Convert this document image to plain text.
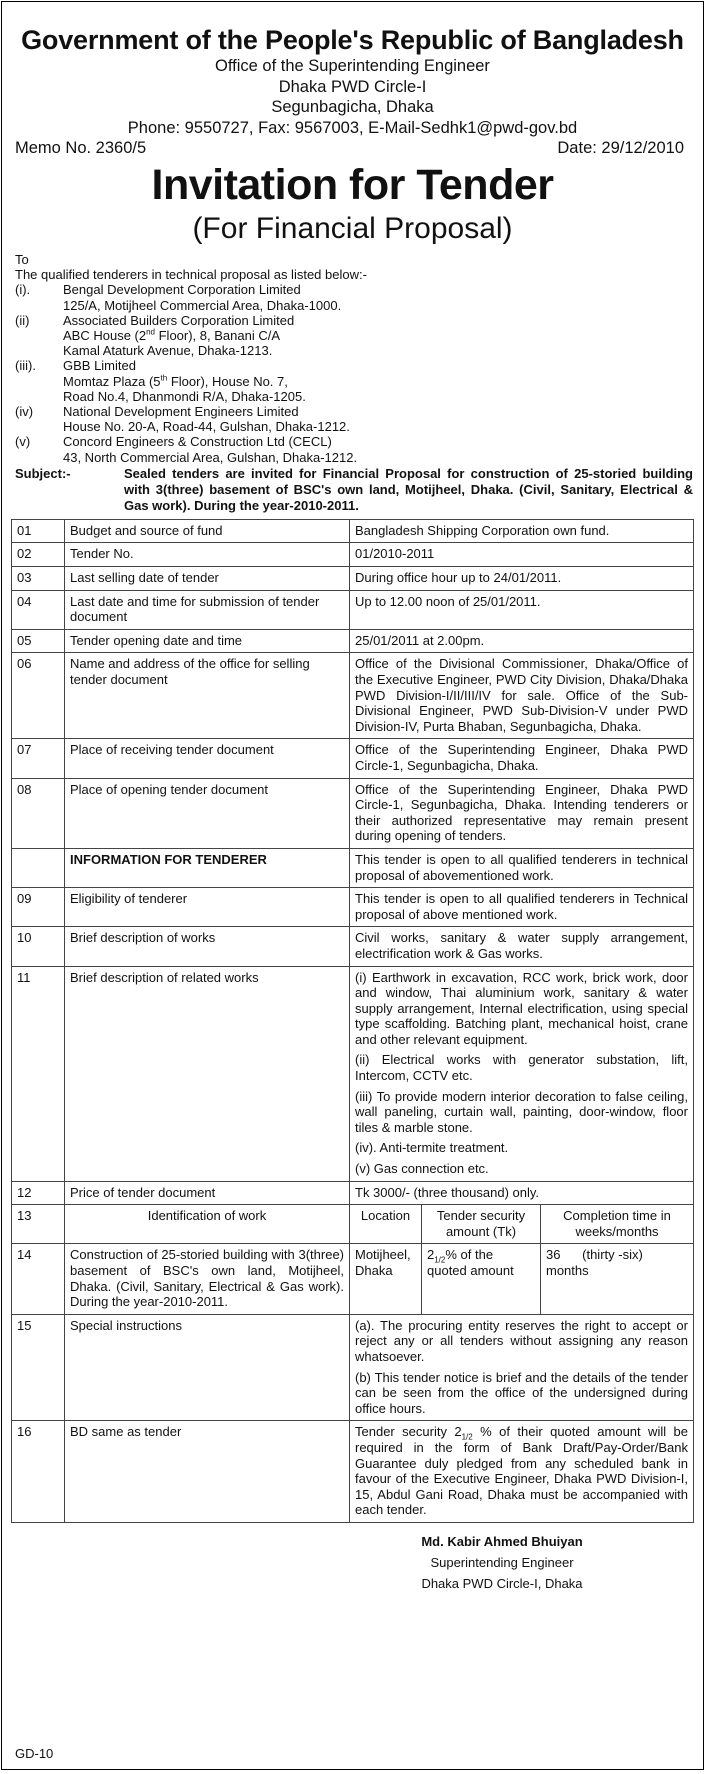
Government of the People's Republic of Bangladesh
Office of the Superintending Engineer
Dhaka PWD Circle-I
Segunbagicha, Dhaka
Phone: 9550727, Fax: 9567003, E-Mail-Sedhk1@pwd-gov.bd
Memo No. 2360/5	Date: 29/12/2010
Invitation for Tender
(For Financial Proposal)
To
The qualified tenderers in technical proposal as listed below:-
(i).	Bengal Development Corporation Limited
125/A, Motijheel Commercial Area, Dhaka-1000.
(ii)	Associated Builders Corporation Limited
ABC House (2nd Floor), 8, Banani C/A
Kamal Ataturk Avenue, Dhaka-1213.
(iii).	GBB Limited
Momtaz Plaza (5th Floor), House No. 7,
Road No.4, Dhanmondi R/A, Dhaka-1205.
(iv)	National Development Engineers Limited
House No. 20-A, Road-44, Gulshan, Dhaka-1212.
(v)	Concord Engineers & Construction Ltd (CECL)
43, North Commercial Area, Gulshan, Dhaka-1212.
Subject:-	Sealed tenders are invited for Financial Proposal for construction of 25-storied building with 3(three) basement of BSC's own land, Motijheel, Dhaka. (Civil, Sanitary, Electrical & Gas work). During the year-2010-2011.
01	Budget and source of fund	Bangladesh Shipping Corporation own fund.		
02	Tender No.	01/2010-2011		
03	Last selling date of tender	During office hour up to 24/01/2011.		
04	Last date and time for submission of tender document	Up to 12.00 noon of 25/01/2011.		
05	Tender opening date and time	25/01/2011 at 2.00pm.		
06	Name and address of the office for selling tender document	Office of the Divisional Commissioner, Dhaka/Office of the Executive Engineer, PWD City Division, Dhaka/Dhaka PWD Division-I/II/III/IV for sale. Office of the Sub-Divisional Engineer, PWD Sub-Division-V under PWD Division-IV, Purta Bhaban, Segunbagicha, Dhaka.		
07	Place of receiving tender document	Office of the Superintending Engineer, Dhaka PWD Circle-1, Segunbagicha, Dhaka.		
08	Place of opening tender document	Office of the Superintending Engineer, Dhaka PWD Circle-1, Segunbagicha, Dhaka. Intending tenderers or their authorized representative may remain present during opening of tenders.		
	INFORMATION FOR TENDERER	This tender is open to all qualified tenderers in technical proposal of abovementioned work.		
09	Eligibility of tenderer	This tender is open to all qualified tenderers in Technical proposal of above mentioned work.		
10	Brief description of works	Civil works, sanitary & water supply arrangement, electrification work & Gas works.		
11	Brief description of related works	(i) Earthwork in excavation, RCC work, brick work, door and window, Thai aluminium work, sanitary & water supply arrangement, Internal electrification, using special type scaffolding. Batching plant, mechanical hoist, crane and other relevant equipment.

(ii) Electrical works with generator substation, lift, Intercom, CCTV etc.

(iii) To provide modern interior decoration to false ceiling, wall paneling, curtain wall, painting, door-window, floor tiles & marble stone.

(iv). Anti-termite treatment.

(v) Gas connection etc.		

12	Price of tender document	Tk 3000/- (three thousand) only.		
13	Identification of work	Location	Tender security amount (Tk)	Completion time in weeks/months
14	Construction of 25-storied building with 3(three) basement of BSC's own land, Motijheel, Dhaka. (Civil, Sanitary, Electrical & Gas work). During the year-2010-2011.	Motijheel, Dhaka	$2_{1/2}\%$ of the quoted amount	36      (thirty -six) months
15	Special instructions	(a). The procuring entity reserves the right to accept or reject any or all tenders without assigning any reason whatsoever.

(b) This tender notice is brief and the details of the tender can be seen from the office of the undersigned during office hours.		

16	BD same as tender	Tender security $2_{1/2}$ % of their quoted amount will be required in the form of Bank Draft/Pay-Order/Bank Guarantee duly pledged from any scheduled bank in favour of the Executive Engineer, Dhaka PWD Division-I, 15, Abdul Gani Road, Dhaka must be accompanied with each tender.		
Md. Kabir Ahmed Bhuiyan
Superintending Engineer
Dhaka PWD Circle-I, Dhaka
GD-10
